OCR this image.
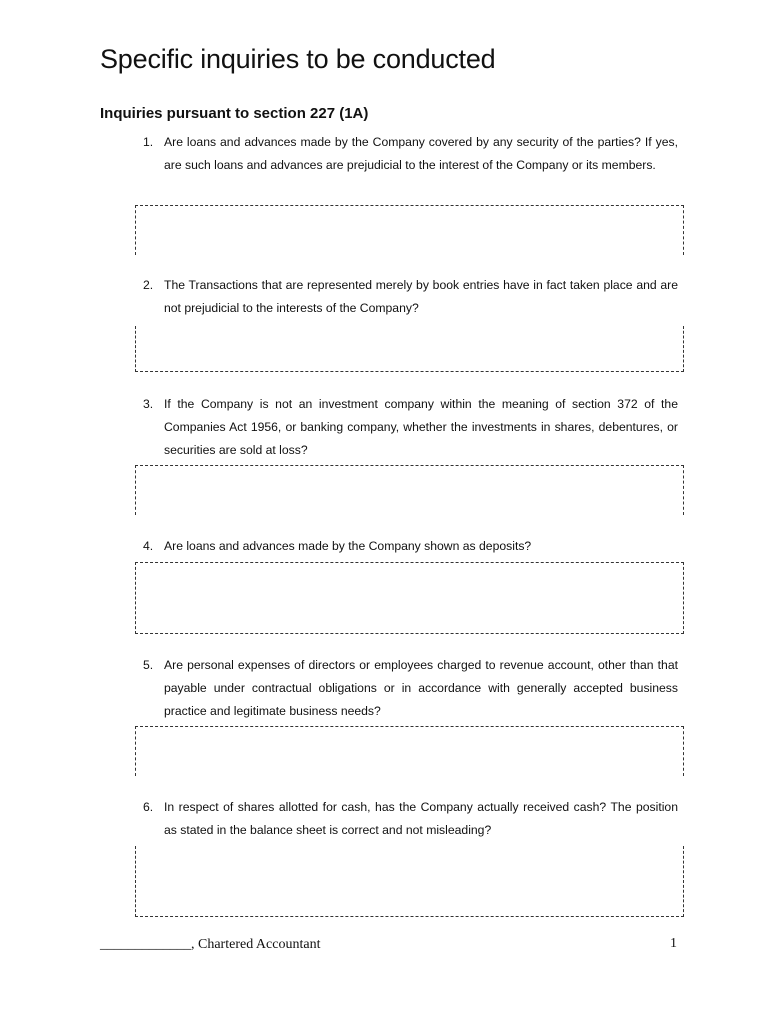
Specific inquiries to be conducted
Inquiries pursuant to section 227 (1A)
1. Are loans and advances made by the Company covered by any security of the parties? If yes, are such loans and advances are prejudicial to the interest of the Company or its members.
2. The Transactions that are represented merely by book entries have in fact taken place and are not prejudicial to the interests of the Company?
3. If the Company is not an investment company within the meaning of section 372 of the Companies Act 1956, or banking company, whether the investments in shares, debentures, or securities are sold at loss?
4. Are loans and advances made by the Company shown as deposits?
5. Are personal expenses of directors or employees charged to revenue account, other than that payable under contractual obligations or in accordance with generally accepted business practice and legitimate business needs?
6. In respect of shares allotted for cash, has the Company actually received cash? The position as stated in the balance sheet is correct and not misleading?
_____________, Chartered Accountant	1
